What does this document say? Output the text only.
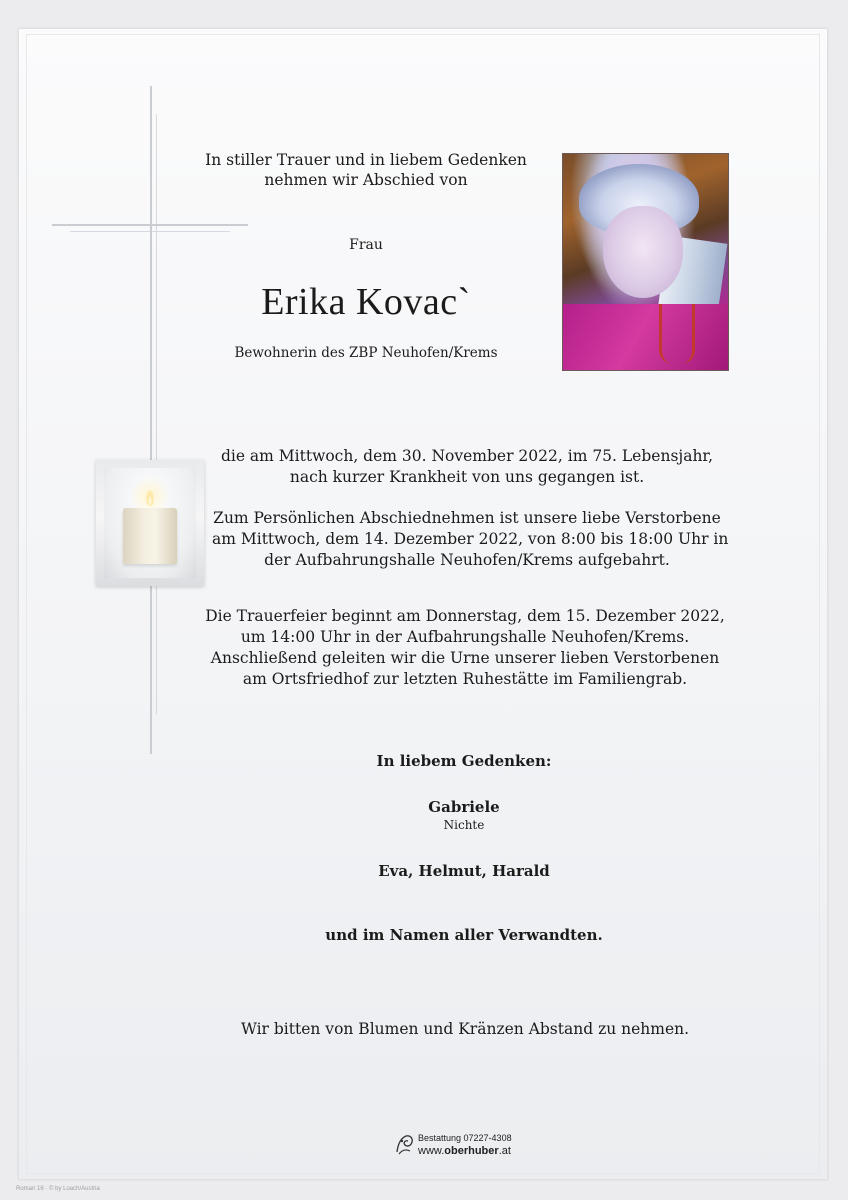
In stiller Trauer und in liebem Gedenken
nehmen wir Abschied von
Frau
Erika Kovac`
Bewohnerin des ZBP Neuhofen/Krems
die am Mittwoch, dem 30. November 2022, im 75. Lebensjahr,
nach kurzer Krankheit von uns gegangen ist.
Zum Persönlichen Abschiednehmen ist unsere liebe Verstorbene
am Mittwoch, dem 14. Dezember 2022, von 8:00 bis 18:00 Uhr in
der Aufbahrungshalle Neuhofen/Krems aufgebahrt.
Die Trauerfeier beginnt am Donnerstag, dem 15. Dezember 2022,
um 14:00 Uhr in der Aufbahrungshalle Neuhofen/Krems.
Anschließend geleiten wir die Urne unserer lieben Verstorbenen
am Ortsfriedhof zur letzten Ruhestätte im Familiengrab.
In liebem Gedenken:
Gabriele
Nichte
Eva, Helmut, Harald
und im Namen aller Verwandten.
Wir bitten von Blumen und Kränzen Abstand zu nehmen.
Bestattung 07227-4308
www.oberhuber.at
Roman 16 · © by Loach/Austria
